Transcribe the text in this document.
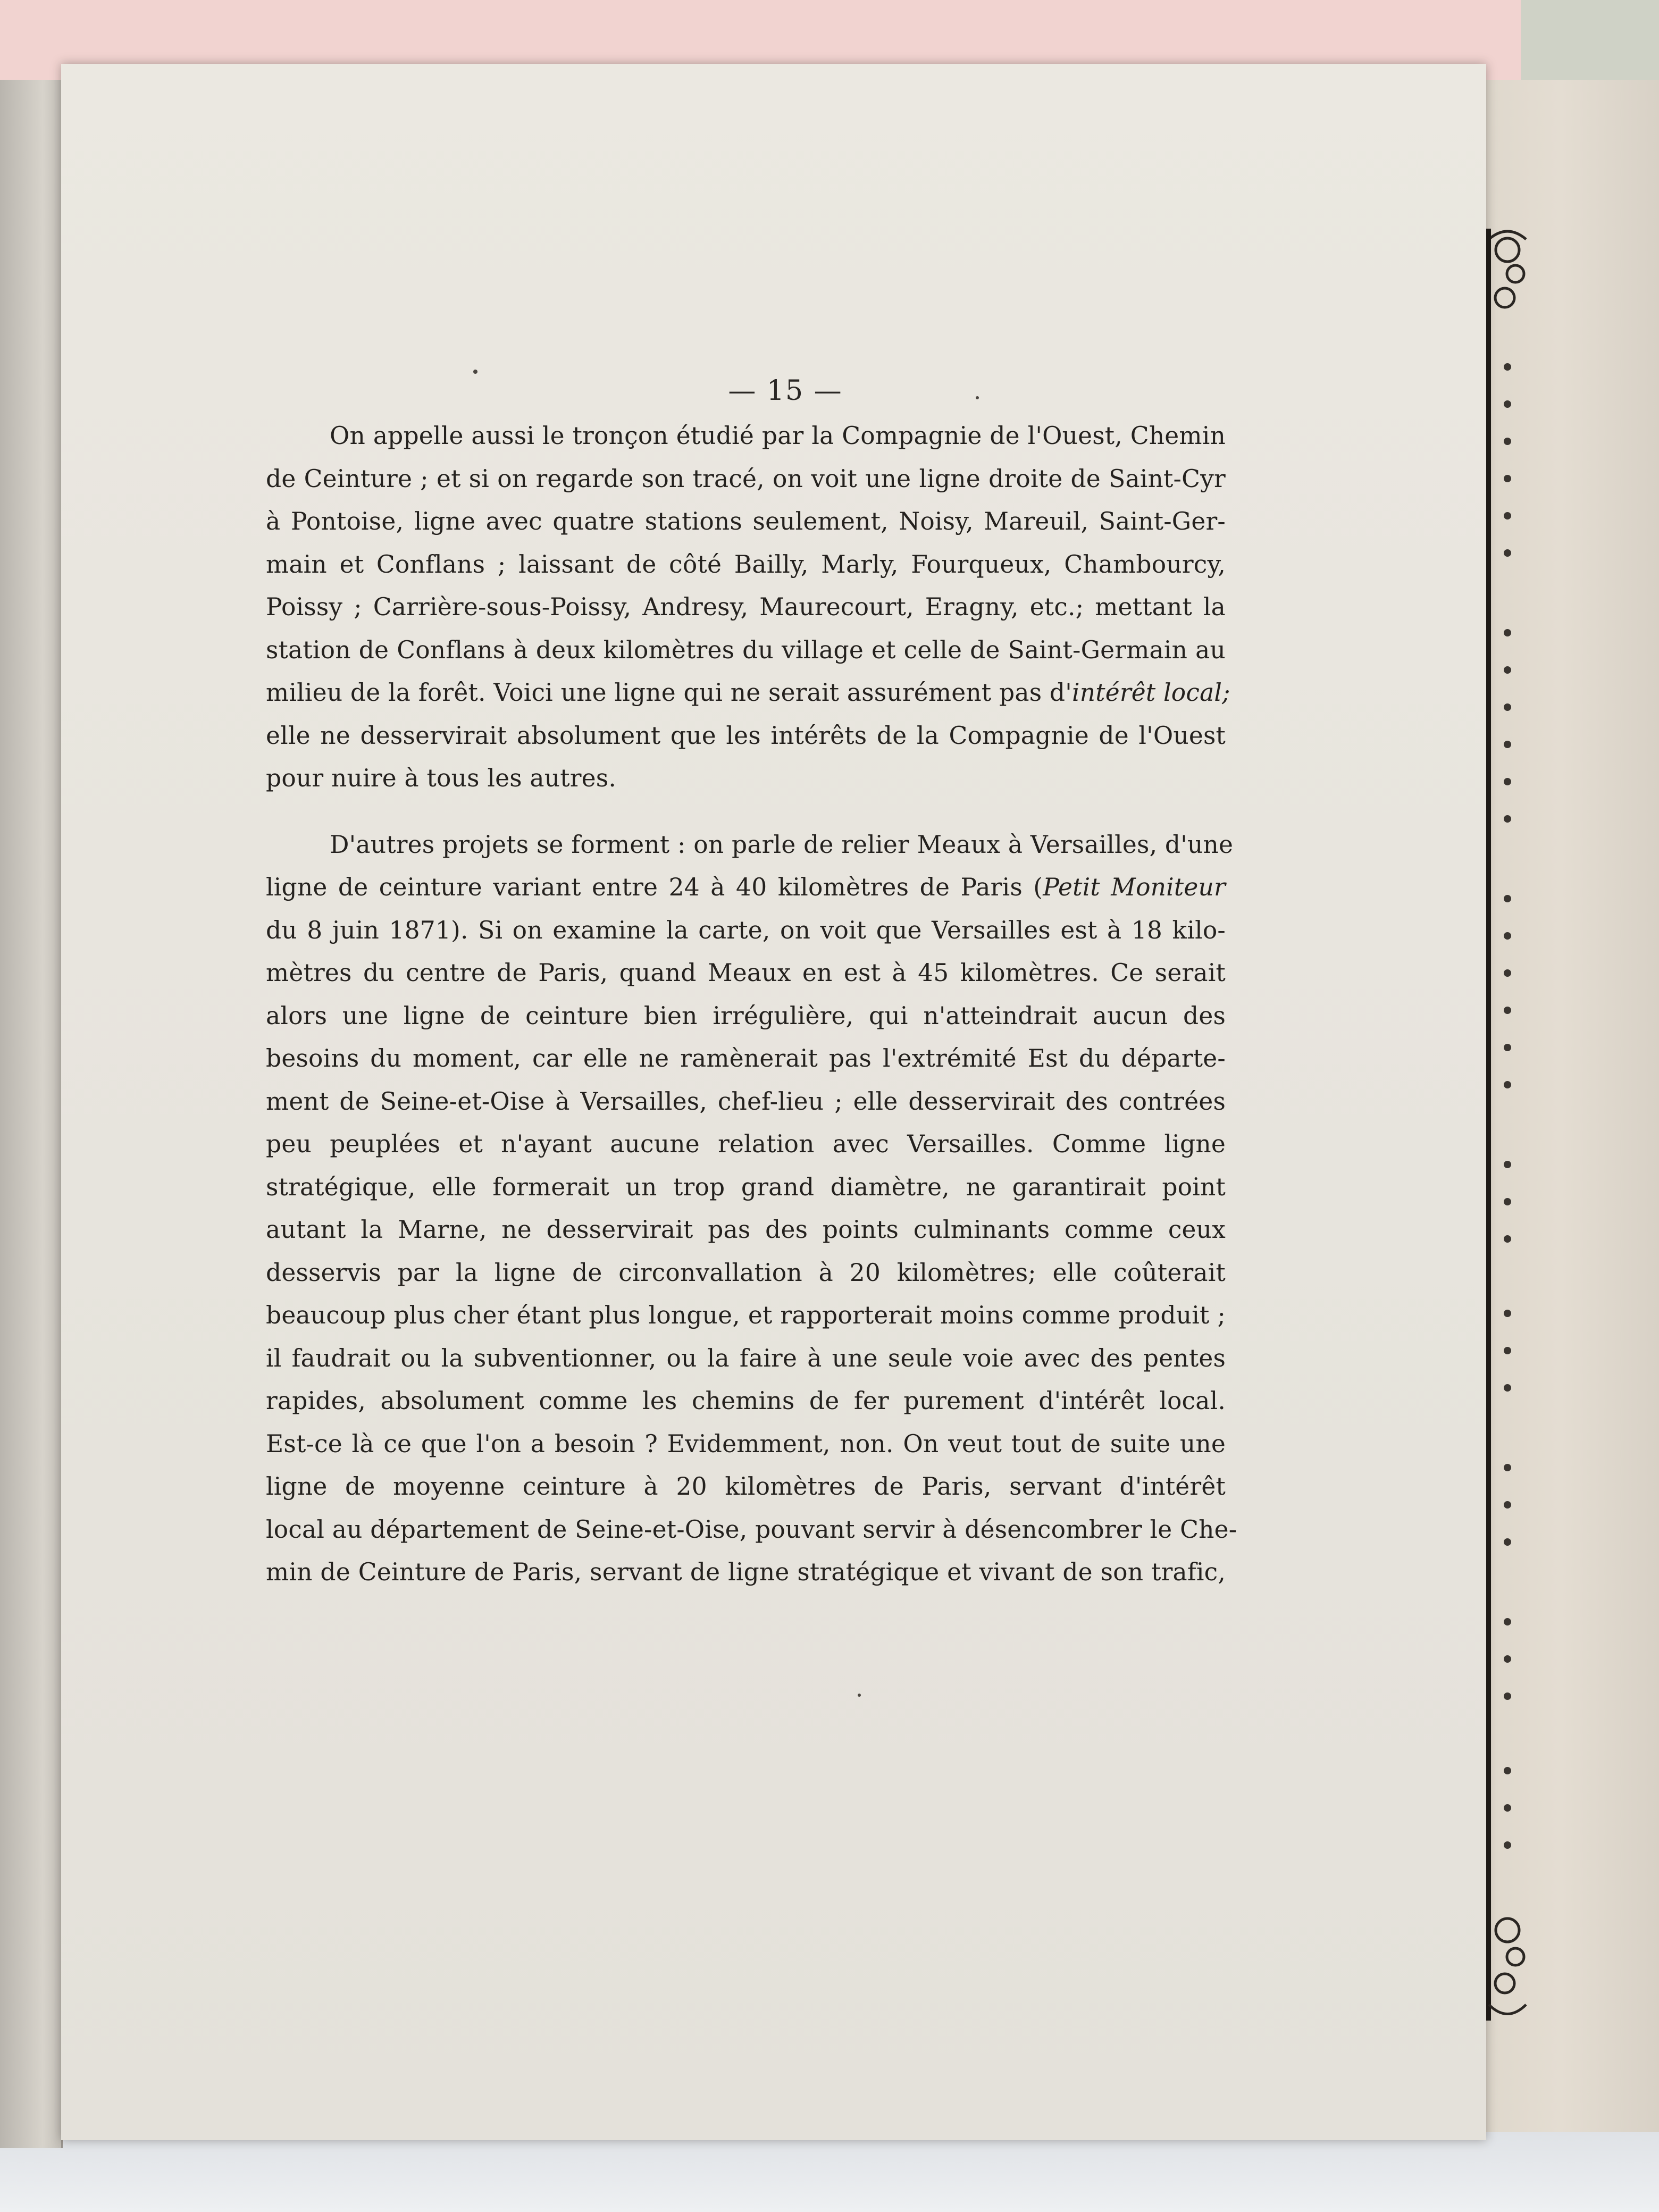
— 15 —
On appelle aussi le tronçon étudié par la Compagnie de l'Ouest, Chemin
de Ceinture ; et si on regarde son tracé, on voit une ligne droite de Saint-Cyr
à Pontoise, ligne avec quatre stations seulement, Noisy, Mareuil, Saint-Ger-
main et Conflans ; laissant de côté Bailly, Marly, Fourqueux, Chambourcy,
Poissy ; Carrière-sous-Poissy, Andresy, Maurecourt, Eragny, etc.; mettant la
station de Conflans à deux kilomètres du village et celle de Saint-Germain au
milieu de la forêt. Voici une ligne qui ne serait assurément pas d'intérêt local;
elle ne desservirait absolument que les intérêts de la Compagnie de l'Ouest
pour nuire à tous les autres.
D'autres projets se forment : on parle de relier Meaux à Versailles, d'une
ligne de ceinture variant entre 24 à 40 kilomètres de Paris (Petit Moniteur
du 8 juin 1871). Si on examine la carte, on voit que Versailles est à 18 kilo-
mètres du centre de Paris, quand Meaux en est à 45 kilomètres. Ce serait
alors une ligne de ceinture bien irrégulière, qui n'atteindrait aucun des
besoins du moment, car elle ne ramènerait pas l'extrémité Est du départe-
ment de Seine-et-Oise à Versailles, chef-lieu ; elle desservirait des contrées
peu peuplées et n'ayant aucune relation avec Versailles. Comme ligne
stratégique, elle formerait un trop grand diamètre, ne garantirait point
autant la Marne, ne desservirait pas des points culminants comme ceux
desservis par la ligne de circonvallation à 20 kilomètres; elle coûterait
beaucoup plus cher étant plus longue, et rapporterait moins comme produit ;
il faudrait ou la subventionner, ou la faire à une seule voie avec des pentes
rapides, absolument comme les chemins de fer purement d'intérêt local.
Est-ce là ce que l'on a besoin ? Evidemment, non. On veut tout de suite une
ligne de moyenne ceinture à 20 kilomètres de Paris, servant d'intérêt
local au département de Seine-et-Oise, pouvant servir à désencombrer le Che-
min de Ceinture de Paris, servant de ligne stratégique et vivant de son trafic,
